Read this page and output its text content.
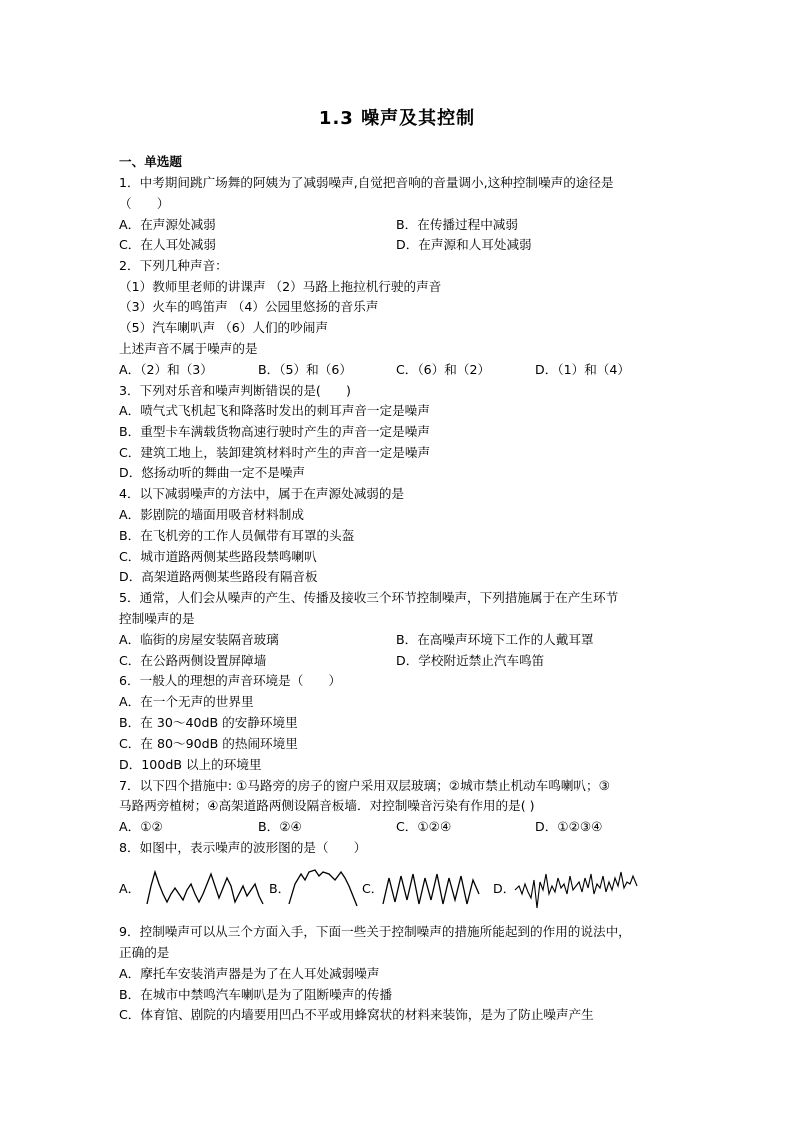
1.3 噪声及其控制
一、单选题
1．中考期间跳广场舞的阿姨为了减弱噪声,自觉把音响的音量调小,这种控制噪声的途径是
（　　）
A．在声源处减弱	B．在传播过程中减弱
C．在人耳处减弱	D．在声源和人耳处减弱
2．下列几种声音：
（1）教师里老师的讲课声 （2）马路上拖拉机行驶的声音
（3）火车的鸣笛声 （4）公园里悠扬的音乐声
（5）汽车喇叭声 （6）人们的吵闹声
上述声音不属于噪声的是
A．（2）和（3）	B．（5）和（6）	C．（6）和（2）	D．（1）和（4）
3．下列对乐音和噪声判断错误的是(　　)
A．喷气式飞机起飞和降落时发出的刺耳声音一定是噪声
B．重型卡车满载货物高速行驶时产生的声音一定是噪声
C．建筑工地上，装卸建筑材料时产生的声音一定是噪声
D．悠扬动听的舞曲一定不是噪声
4．以下减弱噪声的方法中，属于在声源处减弱的是
A．影剧院的墙面用吸音材料制成
B．在飞机旁的工作人员佩带有耳罩的头盔
C．城市道路两侧某些路段禁鸣喇叭
D．高架道路两侧某些路段有隔音板
5．通常，人们会从噪声的产生、传播及接收三个环节控制噪声，下列措施属于在产生环节
控制噪声的是
A．临街的房屋安装隔音玻璃	B．在高噪声环境下工作的人戴耳罩
C．在公路两侧设置屏障墙	D．学校附近禁止汽车鸣笛
6．一般人的理想的声音环境是（　　）
A．在一个无声的世界里
B．在 30～40dB 的安静环境里
C．在 80～90dB 的热闹环境里
D．100dB 以上的环境里
7．以下四个措施中: ①马路旁的房子的窗户采用双层玻璃；②城市禁止机动车鸣喇叭；③
马路两旁植树；④高架道路两侧设隔音板墙．对控制噪音污染有作用的是( )
A．①②	B．②④	C．①②④	D．①②③④
8．如图中，表示噪声的波形图的是（　　）
A．	B．	C．	D．
9．控制噪声可以从三个方面入手，下面一些关于控制噪声的措施所能起到的作用的说法中，
正确的是
A．摩托车安装消声器是为了在人耳处减弱噪声
B．在城市中禁鸣汽车喇叭是为了阻断噪声的传播
C．体育馆、剧院的内墙要用凹凸不平或用蜂窝状的材料来装饰，是为了防止噪声产生
